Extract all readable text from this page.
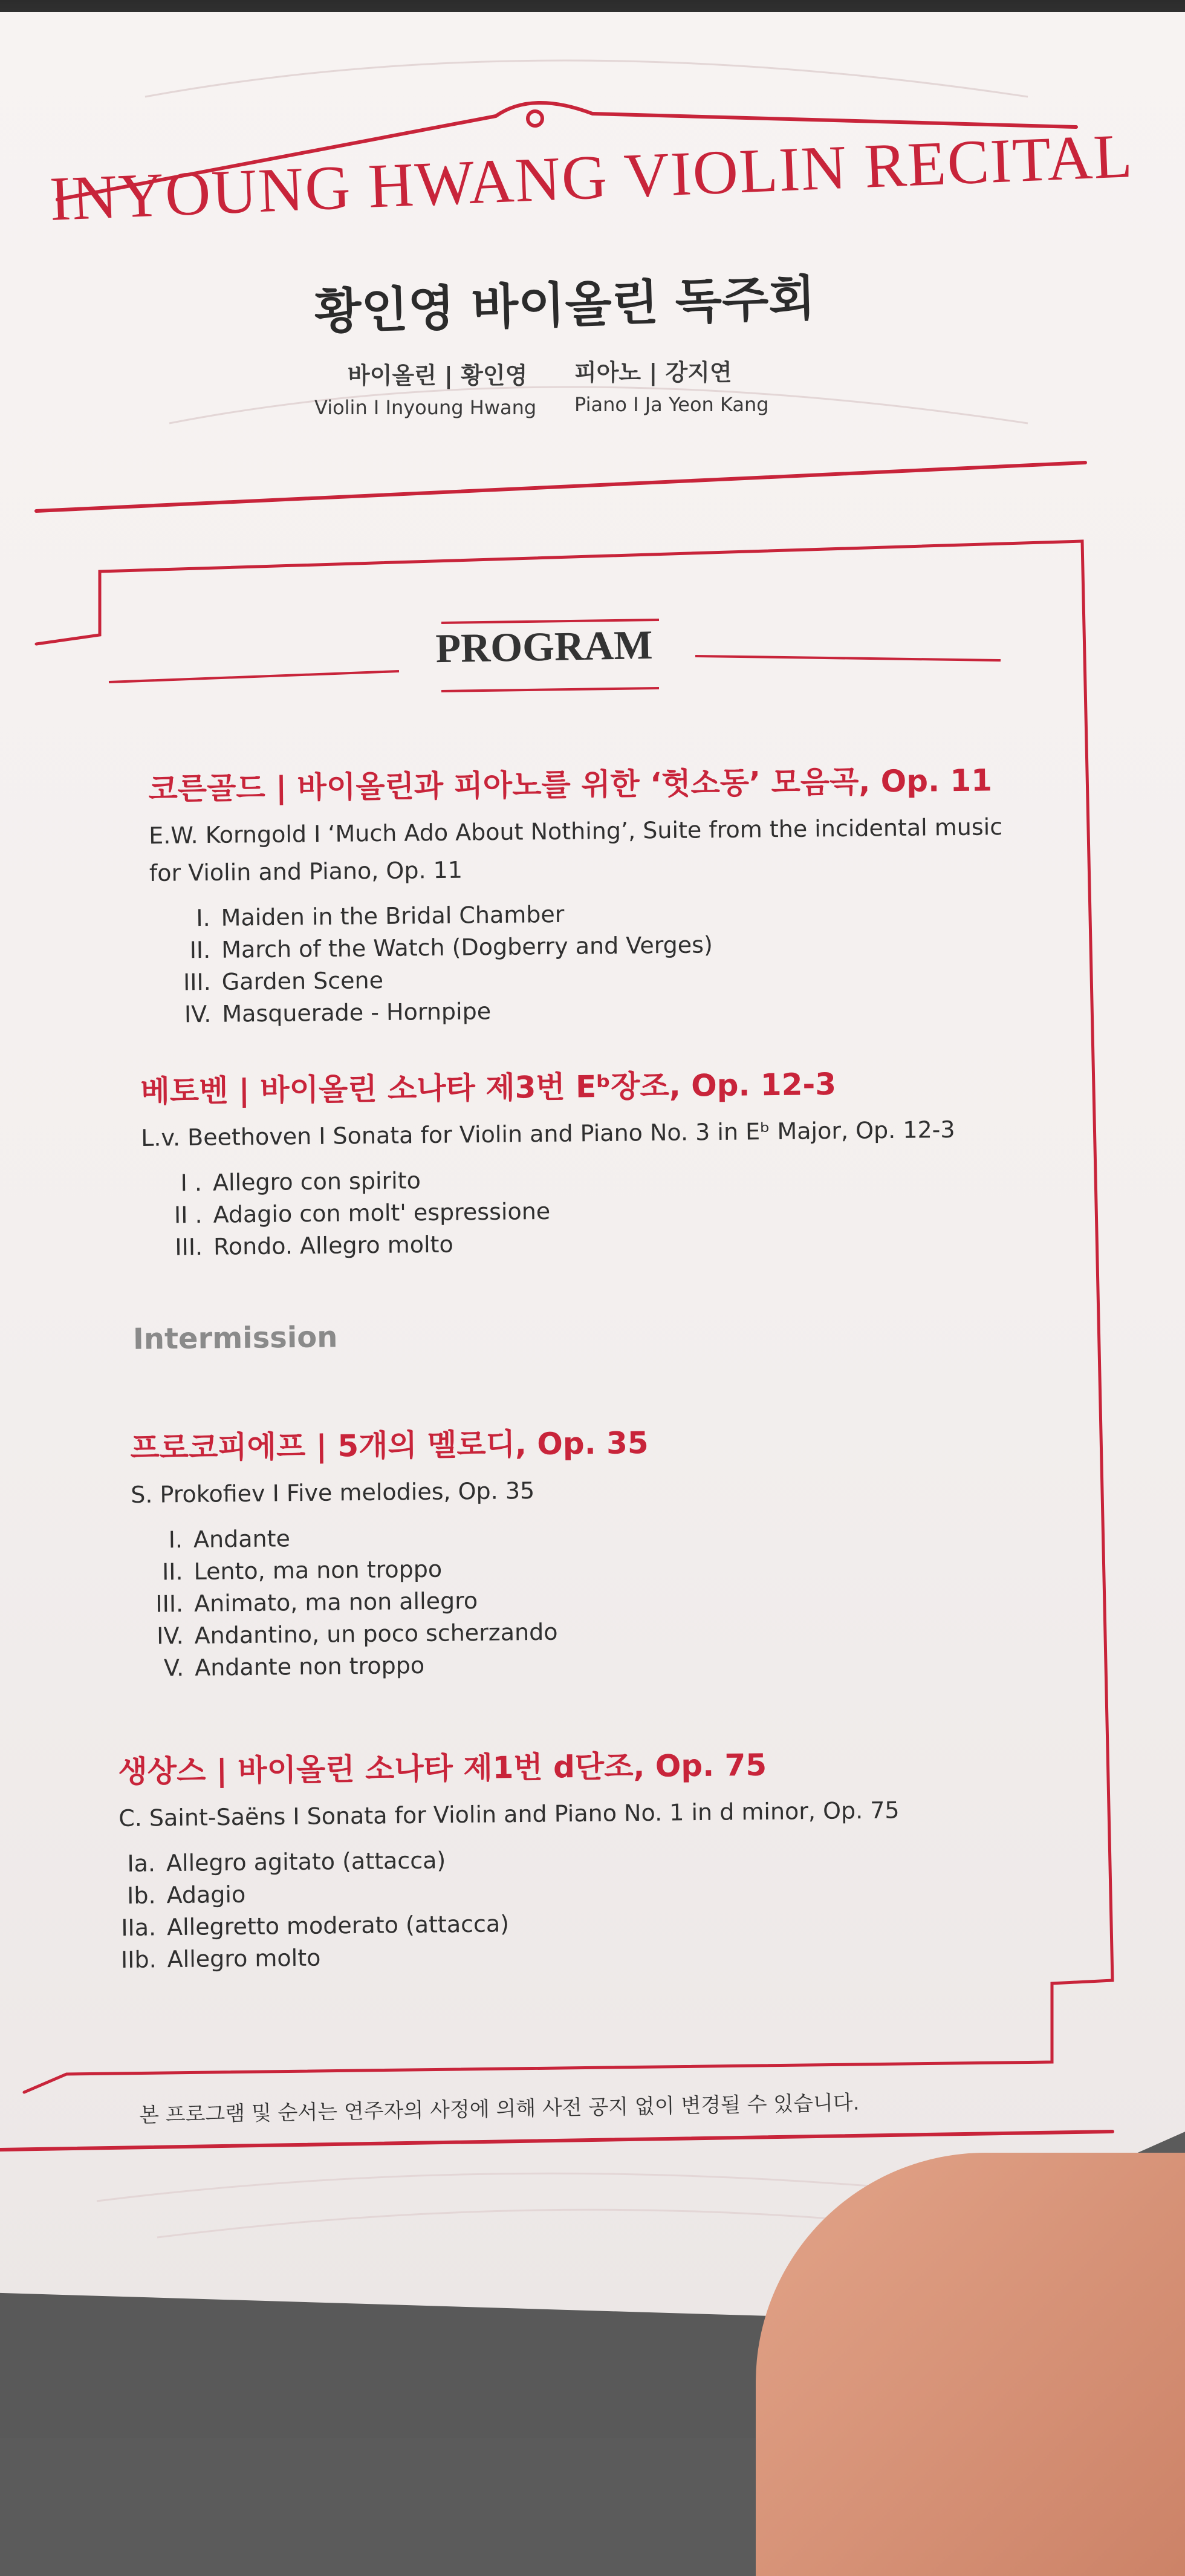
INYOUNG HWANG VIOLIN RECITAL
황인영 바이올린 독주회
바이올린 | 황인영
Violin I Inyoung Hwang
피아노 | 강지연
Piano I Ja Yeon Kang
PROGRAM
코른골드 | 바이올린과 피아노를 위한 ‘헛소동’ 모음곡, Op. 11
E.W. Korngold I ‘Much Ado About Nothing’, Suite from the incidental music
for Violin and Piano, Op. 11
I. Maiden in the Bridal Chamber
II. March of the Watch (Dogberry and Verges)
III. Garden Scene
IV. Masquerade - Hornpipe
베토벤 | 바이올린 소나타 제3번 Eᵇ장조, Op. 12-3
L.v. Beethoven I Sonata for Violin and Piano No. 3 in Eᵇ Major, Op. 12-3
I . Allegro con spirito
II . Adagio con molt' espressione
III. Rondo. Allegro molto
Intermission
프로코피에프 | 5개의 멜로디, Op. 35
S. Prokofiev I Five melodies, Op. 35
I. Andante
II. Lento, ma non troppo
III. Animato, ma non allegro
IV. Andantino, un poco scherzando
V. Andante non troppo
생상스 | 바이올린 소나타 제1번 d단조, Op. 75
C. Saint-Saëns I Sonata for Violin and Piano No. 1 in d minor, Op. 75
Ia. Allegro agitato (attacca)
Ib. Adagio
IIa. Allegretto moderato (attacca)
IIb. Allegro molto
본 프로그램 및 순서는 연주자의 사정에 의해 사전 공지 없이 변경될 수 있습니다.
